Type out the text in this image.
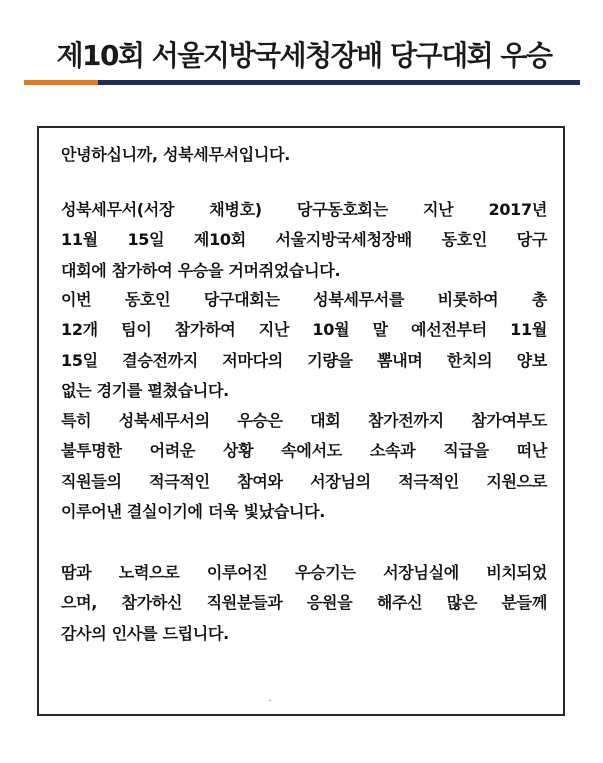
제10회 서울지방국세청장배 당구대회 우승
안녕하십니까, 성북세무서입니다.
성북세무서(서장 채병호) 당구동호회는 지난 2017년
11월 15일 제10회 서울지방국세청장배 동호인 당구
대회에 참가하여 우승을 거머쥐었습니다.
이번 동호인 당구대회는 성북세무서를 비롯하여 총
12개 팀이 참가하여 지난 10월 말 예선전부터 11월
15일 결승전까지 저마다의 기량을 뽐내며 한치의 양보
없는 경기를 펼쳤습니다.
특히 성북세무서의 우승은 대회 참가전까지 참가여부도
불투명한 어려운 상황 속에서도 소속과 직급을 떠난
직원들의 적극적인 참여와 서장님의 적극적인 지원으로
이루어낸 결실이기에 더욱 빛났습니다.
땀과 노력으로 이루어진 우승기는 서장님실에 비치되었
으며, 참가하신 직원분들과 응원을 해주신 많은 분들께
감사의 인사를 드립니다.
•
